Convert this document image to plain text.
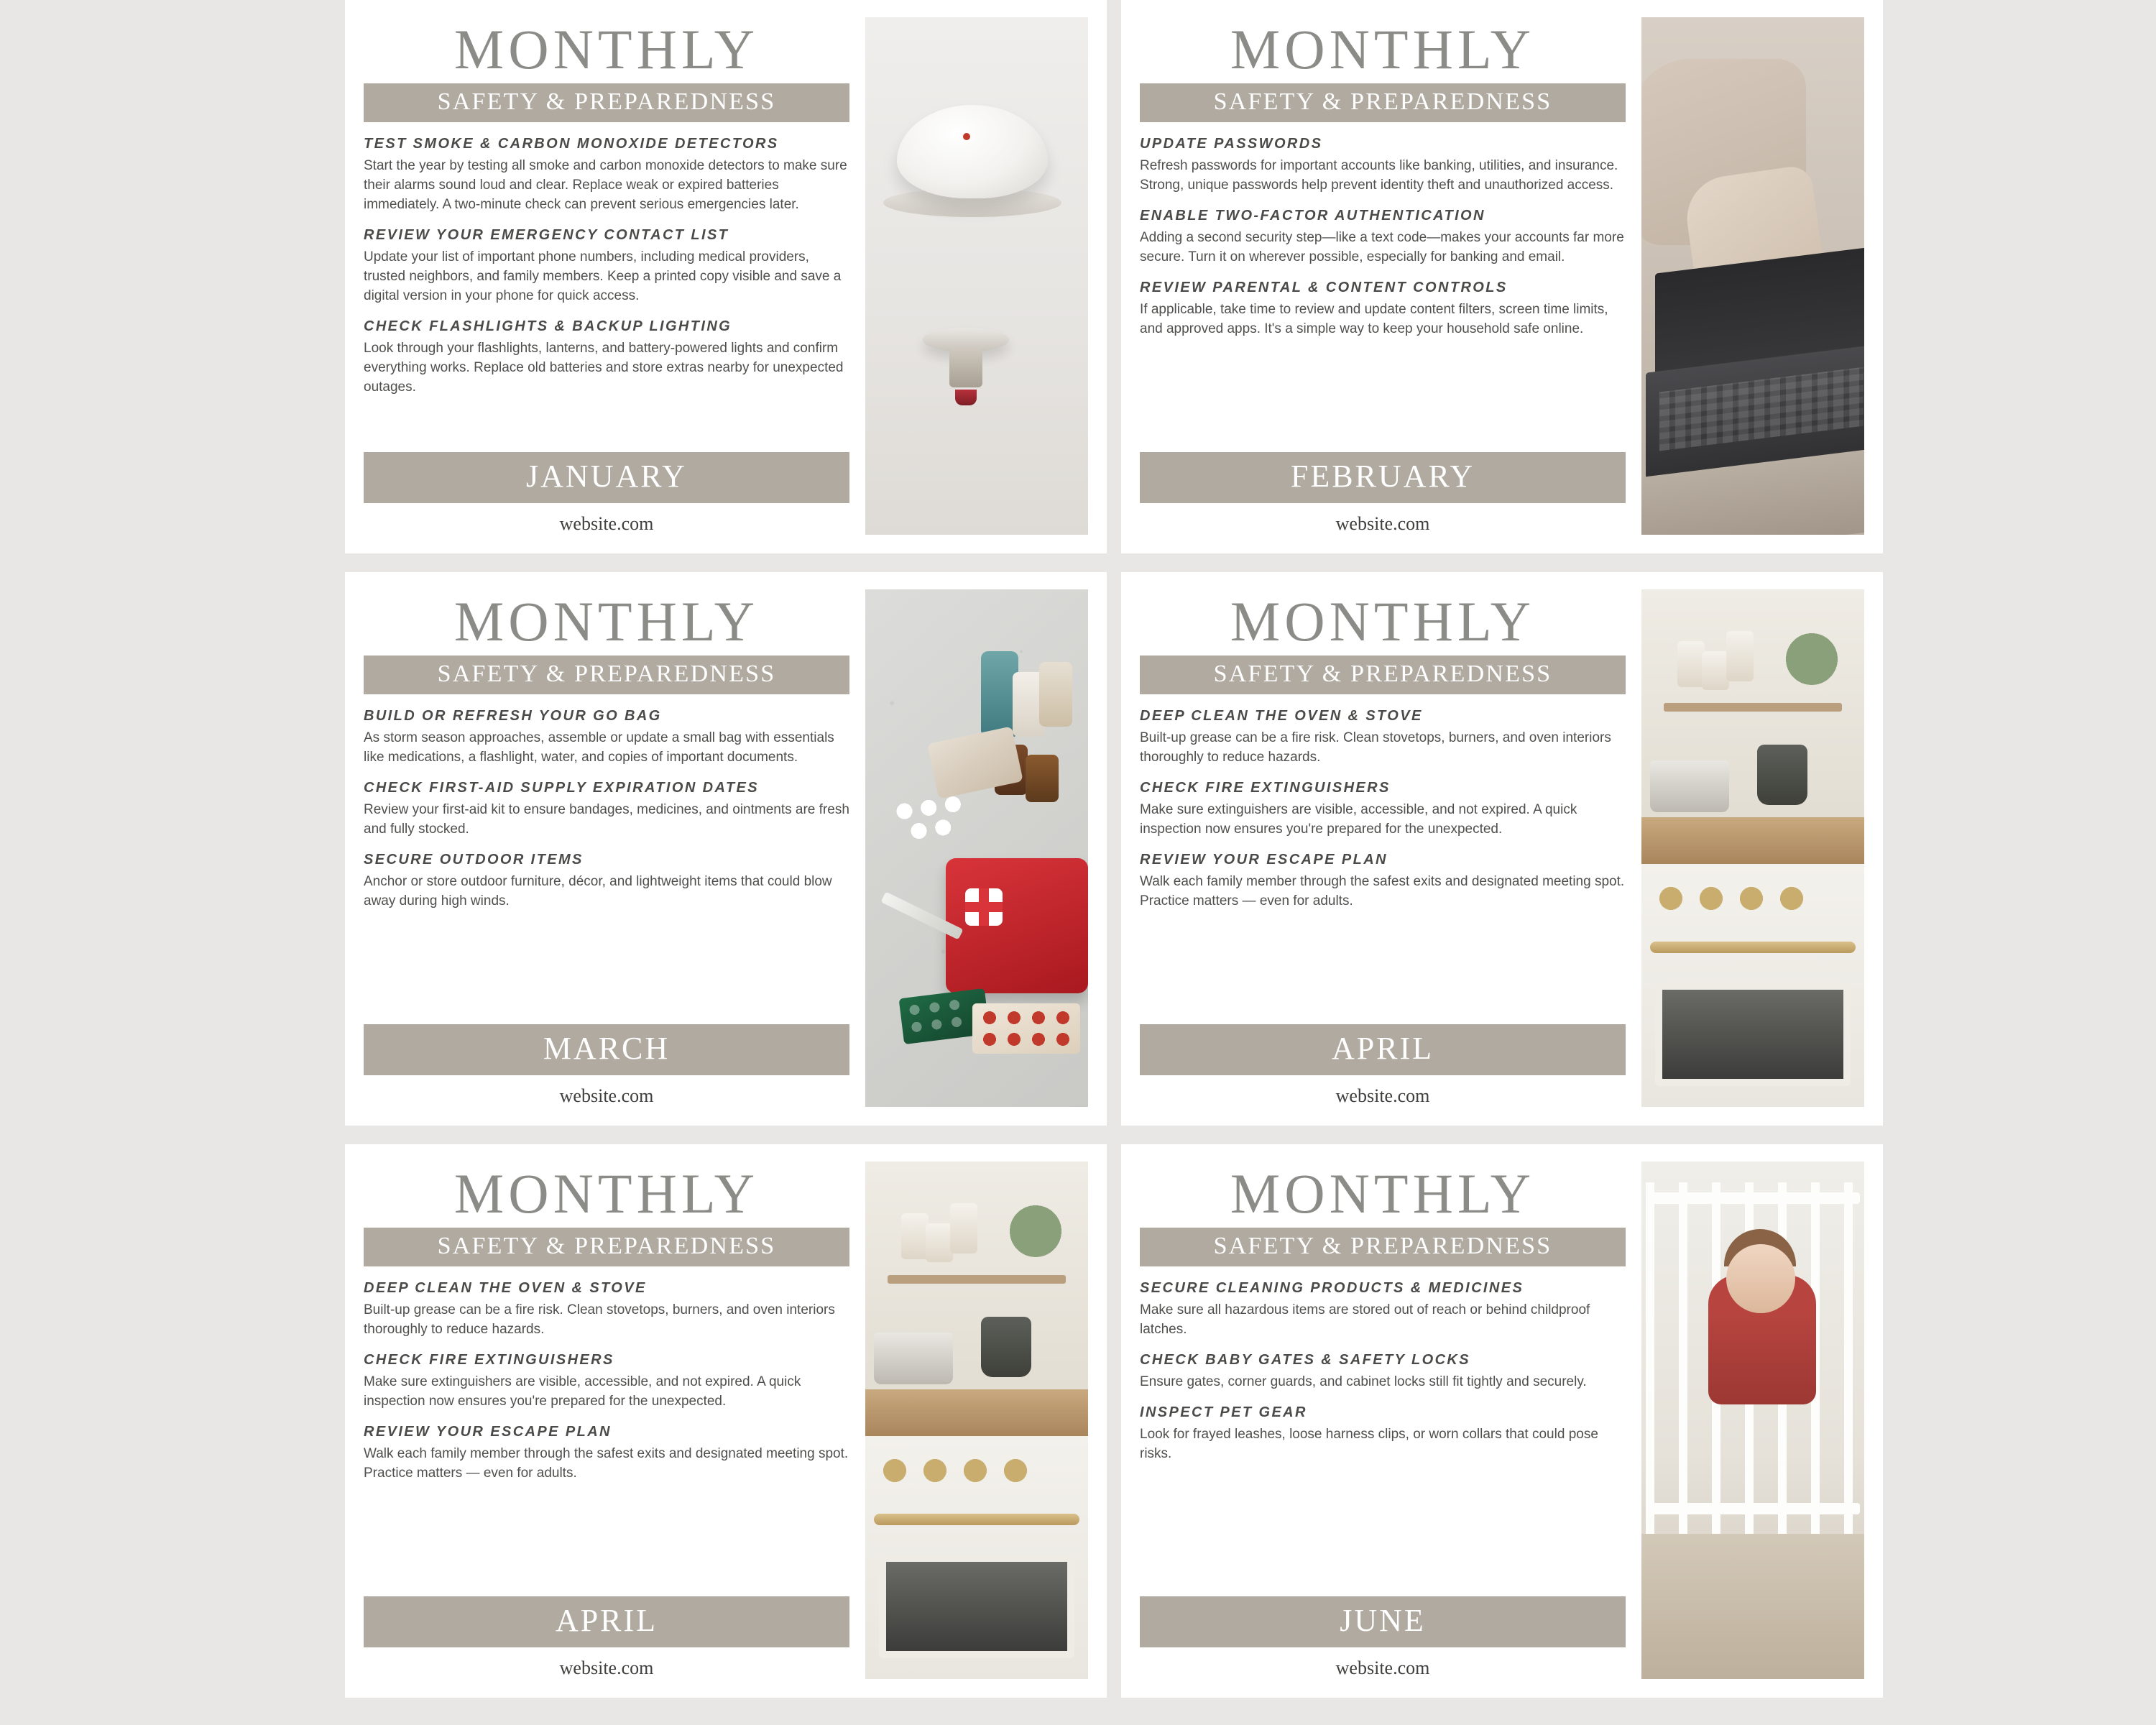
MONTHLY
SAFETY & PREPAREDNESS

TEST SMOKE & CARBON MONOXIDE DETECTORS

Start the year by testing all smoke and carbon monoxide detectors to make sure their alarms sound loud and clear. Replace weak or expired batteries immediately. A two-minute check can prevent serious emergencies later.

REVIEW YOUR EMERGENCY CONTACT LIST

Update your list of important phone numbers, including medical providers, trusted neighbors, and family members. Keep a printed copy visible and save a digital version in your phone for quick access.

CHECK FLASHLIGHTS & BACKUP LIGHTING

Look through your flashlights, lanterns, and battery-powered lights and confirm everything works. Replace old batteries and store extras nearby for unexpected outages.

JANUARY
website.com
MONTHLY
SAFETY & PREPAREDNESS

UPDATE PASSWORDS

Refresh passwords for important accounts like banking, utilities, and insurance. Strong, unique passwords help prevent identity theft and unauthorized access.

ENABLE TWO-FACTOR AUTHENTICATION

Adding a second security step—like a text code—makes your accounts far more secure. Turn it on wherever possible, especially for banking and email.

REVIEW PARENTAL & CONTENT CONTROLS

If applicable, take time to review and update content filters, screen time limits, and approved apps. It's a simple way to keep your household safe online.

FEBRUARY
website.com
MONTHLY
SAFETY & PREPAREDNESS

BUILD OR REFRESH YOUR GO BAG

As storm season approaches, assemble or update a small bag with essentials like medications, a flashlight, water, and copies of important documents.

CHECK FIRST-AID SUPPLY EXPIRATION DATES

Review your first-aid kit to ensure bandages, medicines, and ointments are fresh and fully stocked.

SECURE OUTDOOR ITEMS

Anchor or store outdoor furniture, décor, and lightweight items that could blow away during high winds.

MARCH
website.com
MONTHLY
SAFETY & PREPAREDNESS

DEEP CLEAN THE OVEN & STOVE

Built-up grease can be a fire risk. Clean stovetops, burners, and oven interiors thoroughly to reduce hazards.

CHECK FIRE EXTINGUISHERS

Make sure extinguishers are visible, accessible, and not expired. A quick inspection now ensures you're prepared for the unexpected.

REVIEW YOUR ESCAPE PLAN

Walk each family member through the safest exits and designated meeting spot. Practice matters — even for adults.

APRIL
website.com
MONTHLY
SAFETY & PREPAREDNESS

DEEP CLEAN THE OVEN & STOVE

Built-up grease can be a fire risk. Clean stovetops, burners, and oven interiors thoroughly to reduce hazards.

CHECK FIRE EXTINGUISHERS

Make sure extinguishers are visible, accessible, and not expired. A quick inspection now ensures you're prepared for the unexpected.

REVIEW YOUR ESCAPE PLAN

Walk each family member through the safest exits and designated meeting spot. Practice matters — even for adults.

APRIL
website.com
MONTHLY
SAFETY & PREPAREDNESS

SECURE CLEANING PRODUCTS & MEDICINES

Make sure all hazardous items are stored out of reach or behind childproof latches.

CHECK BABY GATES & SAFETY LOCKS

Ensure gates, corner guards, and cabinet locks still fit tightly and securely.

INSPECT PET GEAR

Look for frayed leashes, loose harness clips, or worn collars that could pose risks.

JUNE
website.com
